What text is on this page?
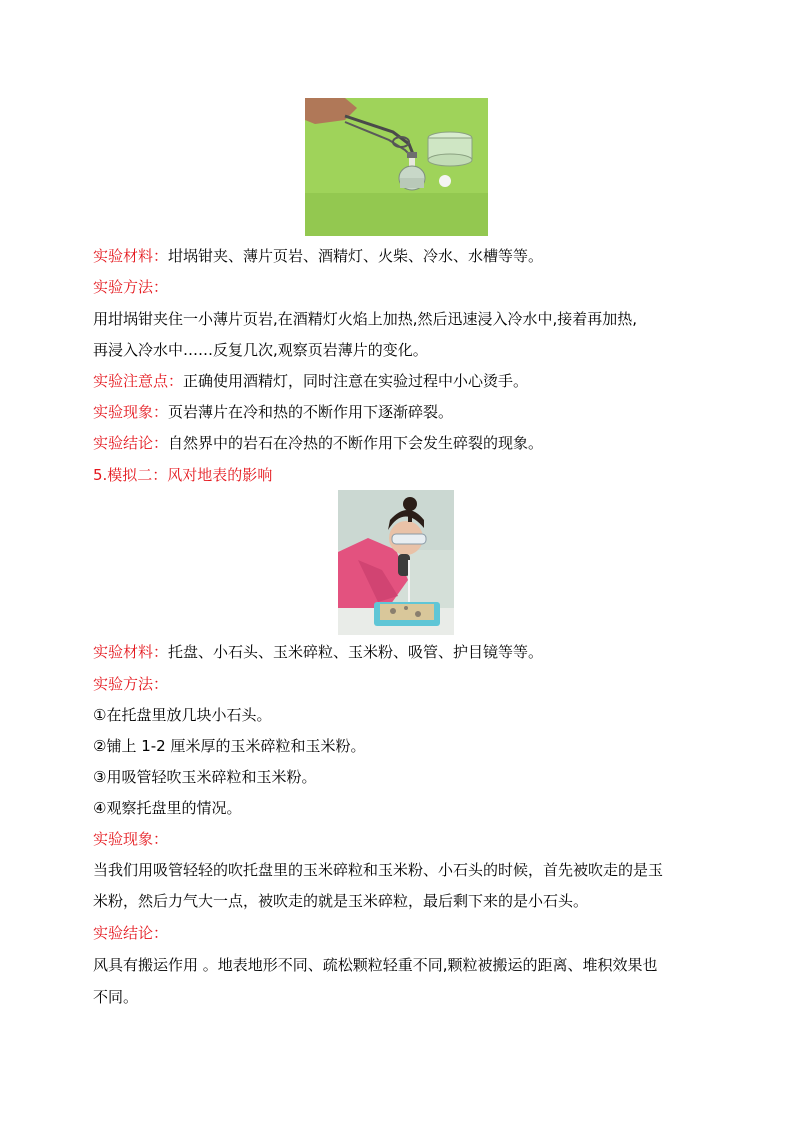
实验材料：坩埚钳夹、薄片页岩、酒精灯、火柴、冷水、水槽等等。
实验方法：
用坩埚钳夹住一小薄片页岩,在酒精灯火焰上加热,然后迅速浸入冷水中,接着再加热,
再浸入冷水中……反复几次,观察页岩薄片的变化。
实验注意点：正确使用酒精灯，同时注意在实验过程中小心烫手。
实验现象：页岩薄片在冷和热的不断作用下逐渐碎裂。
实验结论：自然界中的岩石在冷热的不断作用下会发生碎裂的现象。
5.模拟二：风对地表的影响
实验材料：托盘、小石头、玉米碎粒、玉米粉、吸管、护目镜等等。
实验方法：
①在托盘里放几块小石头。
②铺上 1-2 厘米厚的玉米碎粒和玉米粉。
③用吸管轻吹玉米碎粒和玉米粉。
④观察托盘里的情况。
实验现象：
当我们用吸管轻轻的吹托盘里的玉米碎粒和玉米粉、小石头的时候，首先被吹走的是玉
米粉，然后力气大一点，被吹走的就是玉米碎粒，最后剩下来的是小石头。
实验结论：
风具有搬运作用 。地表地形不同、疏松颗粒轻重不同,颗粒被搬运的距离、堆积效果也
不同。
